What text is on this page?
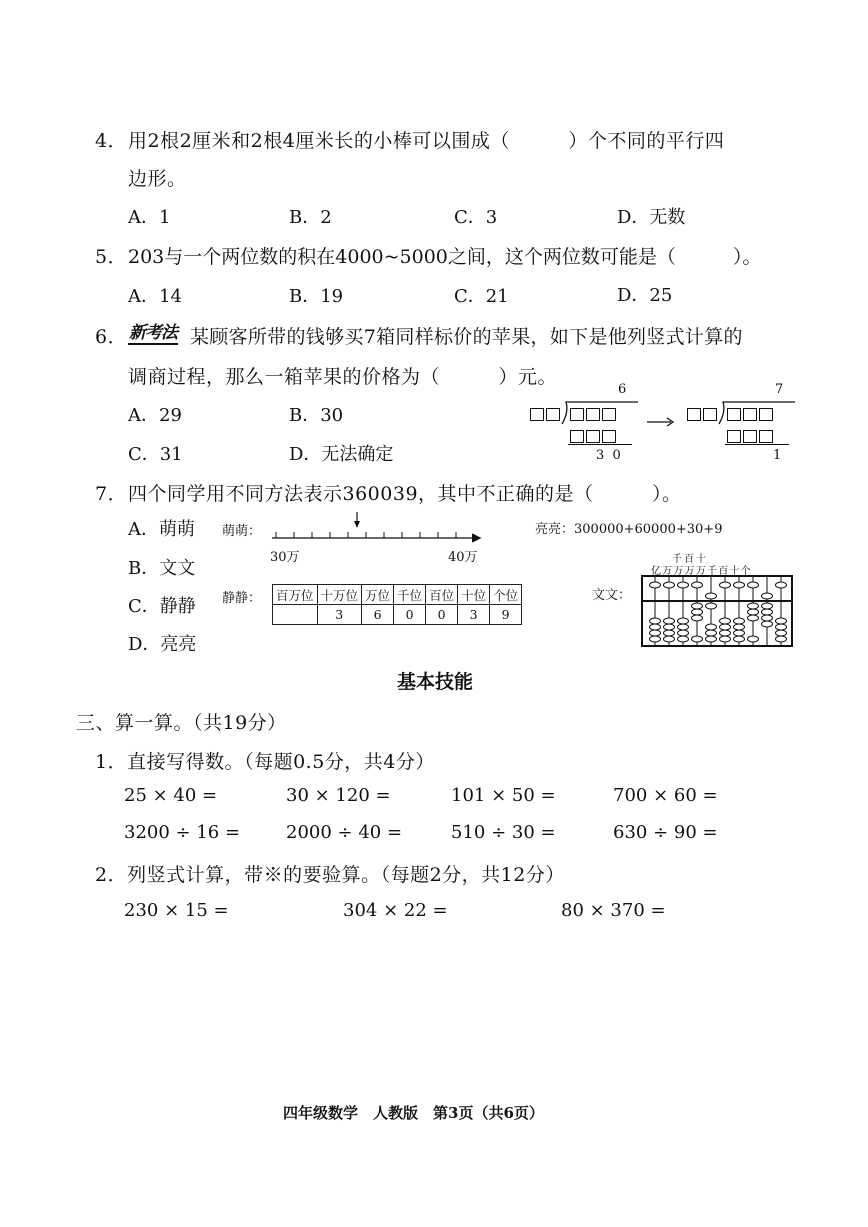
4． 用2根2厘米和2根4厘米长的小棒可以围成（　　　）个不同的平行四
边形。
A．1	B．2	C．3	D．无数
5． 203与一个两位数的积在4000~5000之间，这个两位数可能是（　　　）。
A．14	B．19	C．21	D．25
6． 新考法 某顾客所带的钱够买7箱同样标价的苹果，如下是他列竖式计算的
调商过程，那么一箱苹果的价格为（　　　）元。
A．29	B．30
C．31	D．无法确定
6
3  0
7
1
7． 四个同学用不同方法表示360039，其中不正确的是（　　　）。
A．萌萌
B．文文
C．静静
D．亮亮
萌萌：
30万	40万
亮亮：300000+60000+30+9
静静： 百万位	十万位	万位	千位	百位	十位	个位
	3	6	0	0	3	9
文文：
千百十
亿万万万万千百十个
基本技能
三、算一算。（共19分）
1．直接写得数。（每题0.5分，共4分）
25 × 40 =	30 × 120 =	101 × 50 =	700 × 60 =
3200 ÷ 16 =	2000 ÷ 40 =	510 ÷ 30 =	630 ÷ 90 =
2．列竖式计算，带※的要验算。（每题2分，共12分）
230 × 15 =	304 × 22 =	80 × 370 =
四年级数学　人教版　第3页（共6页）
